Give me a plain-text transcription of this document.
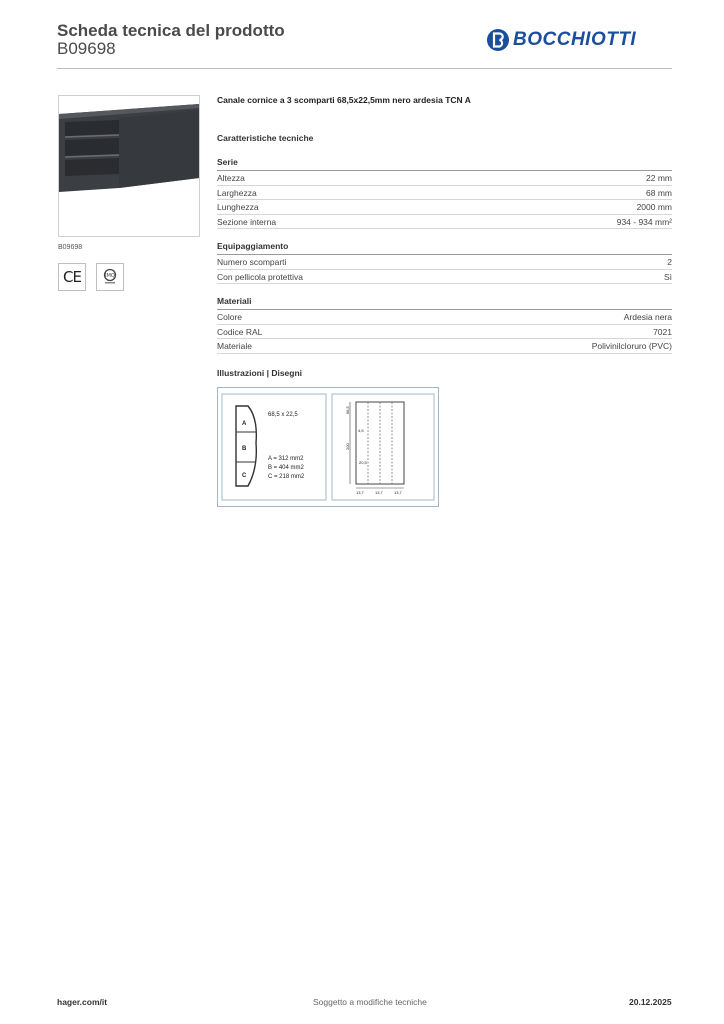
Scheda tecnica del prodotto
B09698	BOCCHIOTTI
B09698
CE	IMQ
Canale cornice a 3 scomparti 68,5x22,5mm nero ardesia TCN A
Caratteristiche tecniche
Serie
Altezza	22 mm
Larghezza	68 mm
Lunghezza	2000 mm
Sezione interna	934 - 934 mm²
Equipaggiamento
Numero scomparti	2
Con pellicola protettiva	Sì
Materiali
Colore	Ardesia nera
Codice RAL	7021
Materiale	Polivinilcloruro (PVC)
Illustrazioni | Disegni
A
B
C
68,5 x 22,5
A = 312 mm2
B = 404 mm2
C = 218 mm2
68,5
4,5
200
20,5
13,7	13,7	13,7
hager.com/it	Soggetto a modifiche tecniche	20.12.2025
